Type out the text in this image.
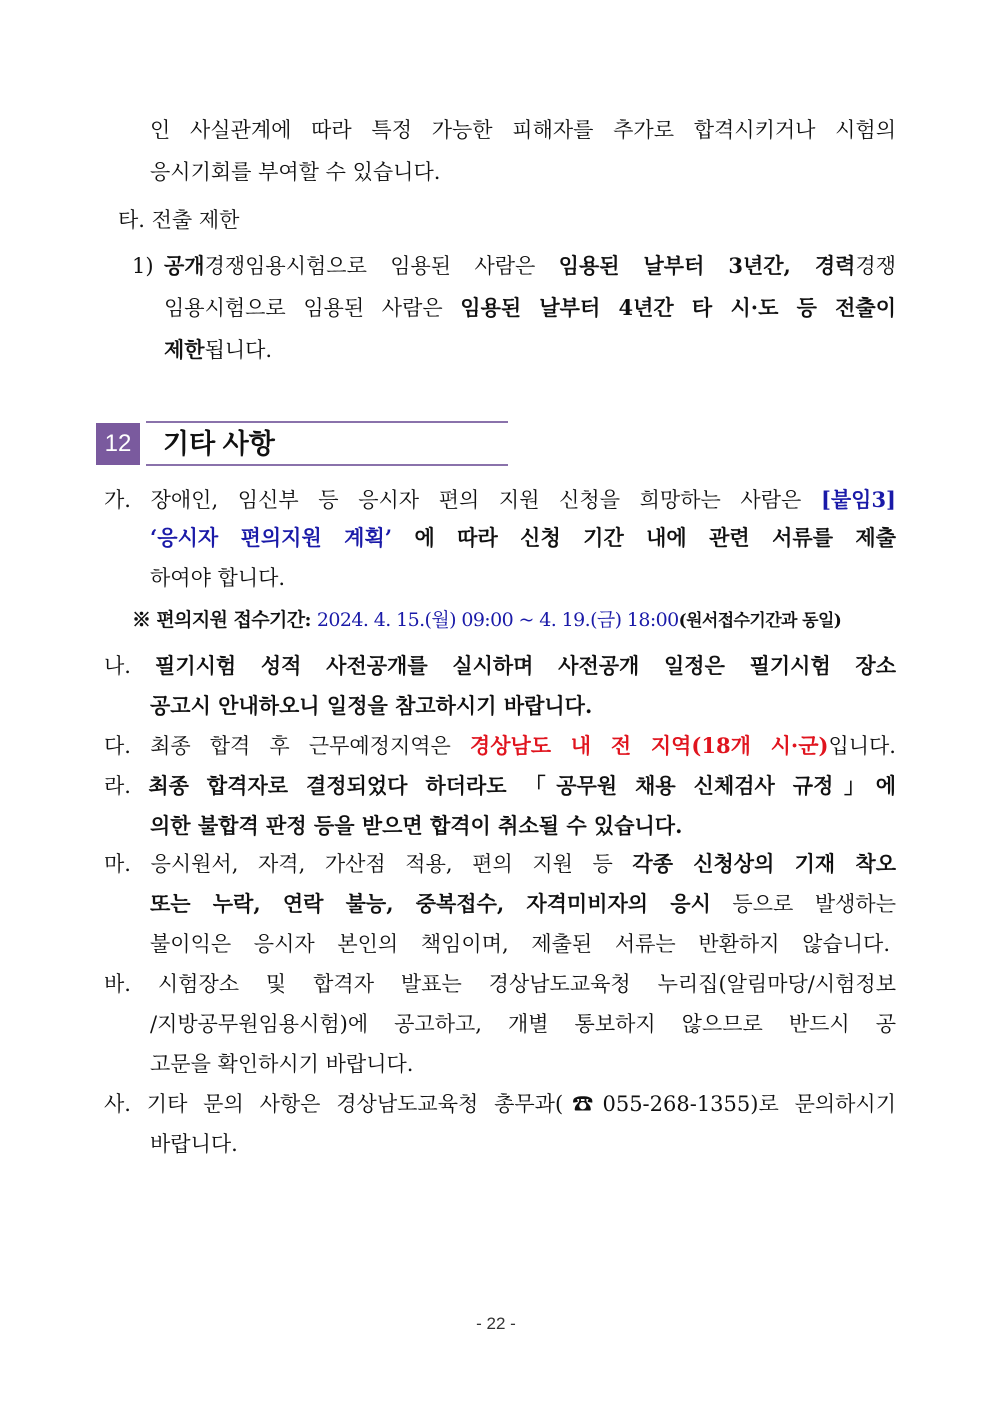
인 사실관계에 따라 특정 가능한 피해자를 추가로 합격시키거나 시험의
응시기회를 부여할 수 있습니다.
타. 전출 제한
1) 공개경쟁임용시험으로 임용된 사람은 임용된 날부터 3년간, 경력경쟁
임용시험으로 임용된 사람은 임용된 날부터 4년간 타 시·도 등 전출이
제한됩니다.
12	기타 사항
가. 장애인, 임신부 등 응시자 편의 지원 신청을 희망하는 사람은 [붙임3]
‘응시자 편의지원 계획’ 에 따라 신청 기간 내에 관련 서류를 제출
하여야 합니다.
※ 편의지원 접수기간: 2024. 4. 15.(월) 09:00 ~ 4. 19.(금) 18:00(원서접수기간과 동일)
나. 필기시험 성적 사전공개를 실시하며 사전공개 일정은 필기시험 장소
공고시 안내하오니 일정을 참고하시기 바랍니다.
다. 최종 합격 후 근무예정지역은 경상남도 내 전 지역(18개 시·군)입니다.
라. 최종 합격자로 결정되었다 하더라도 「공무원 채용 신체검사 규정」에
의한 불합격 판정 등을 받으면 합격이 취소될 수 있습니다.
마. 응시원서, 자격, 가산점 적용, 편의 지원 등 각종 신청상의 기재 착오
또는 누락, 연락 불능, 중복접수, 자격미비자의 응시 등으로 발생하는
불이익은 응시자 본인의 책임이며, 제출된 서류는 반환하지 않습니다.
바. 시험장소 및 합격자 발표는 경상남도교육청 누리집(알림마당/시험정보
/지방공무원임용시험)에 공고하고, 개별 통보하지 않으므로 반드시 공
고문을 확인하시기 바랍니다.
사. 기타 문의 사항은 경상남도교육청 총무과(☎055-268-1355)로 문의하시기
바랍니다.
- 22 -
